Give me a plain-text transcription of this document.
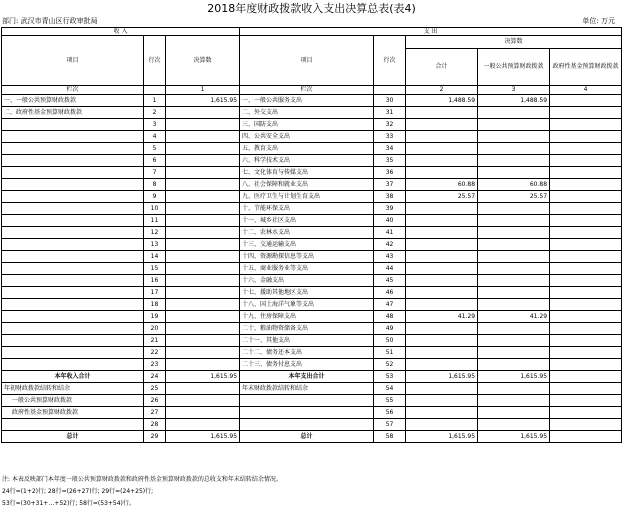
2018年度财政拨款收入支出决算总表(表4)
部门: 武汉市青山区行政审批局	单位: 万元
收 入			支 出				
项目	行次	决算数	项目	行次	决算数		
					合计	一般公共预算财政拨款	政府性基金预算财政拨款
栏次		1	栏次		2	3	4
一、一般公共预算财政拨款	1	1,615.95	一、一般公共服务支出	30	1,488.59	1,488.59	
二、政府性基金预算财政拨款	2		二、外交支出	31			
	3		三、国防支出	32			
	4		四、公共安全支出	33			
	5		五、教育支出	34			
	6		六、科学技术支出	35			
	7		七、文化体育与传媒支出	36			
	8		八、社会保障和就业支出	37	60.88	60.88	
	9		九、医疗卫生与计划生育支出	38	25.57	25.57	
	10		十、节能环保支出	39			
	11		十一、城乡社区支出	40			
	12		十二、农林水支出	41			
	13		十三、交通运输支出	42			
	14		十四、资源勘探信息等支出	43			
	15		十五、商业服务业等支出	44			
	16		十六、金融支出	45			
	17		十七、援助其他地区支出	46			
	18		十八、国土海洋气象等支出	47			
	19		十九、住房保障支出	48	41.29	41.29	
	20		二十、粮油物资储备支出	49			
	21		二十一、其他支出	50			
	22		二十二、债务还本支出	51			
	23		二十三、债务付息支出	52			
本年收入合计	24	1,615.95	本年支出合计	53	1,615.95	1,615.95	
年初财政拨款结转和结余	25		年末财政拨款结转和结余	54			
一般公共预算财政拨款	26			55			
政府性基金预算财政拨款	27			56			
	28			57			
总计	29	1,615.95	总计	58	1,615.95	1,615.95	
注: 本表反映部门本年度一般公共预算财政拨款和政府性基金预算财政拨款的总收支和年末结转结余情况。
24行=(1+2)行; 28行=(26+27)行; 29行=(24+25)行;
53行=(30+31+…+52)行; 58行=(53+54)行。
